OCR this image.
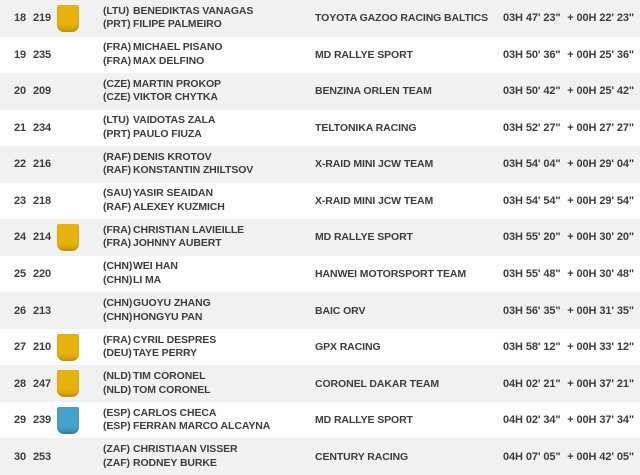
18 219
(LTU) BENEDIKTAS VANAGAS
(PRT) FILIPE PALMEIRO	TOYOTA GAZOO RACING BALTICS	03H 47' 23" + 00H 22' 23"
19 235
(FRA) MICHAEL PISANO
(FRA) MAX DELFINO	MD RALLYE SPORT	03H 50' 36" + 00H 25' 36"
20 209
(CZE) MARTIN PROKOP
(CZE) VIKTOR CHYTKA	BENZINA ORLEN TEAM	03H 50' 42" + 00H 25' 42"
21 234
(LTU) VAIDOTAS ZALA
(PRT) PAULO FIUZA	TELTONIKA RACING	03H 52' 27" + 00H 27' 27"
22 216
(RAF) DENIS KROTOV
(RAF) KONSTANTIN ZHILTSOV	X-RAID MINI JCW TEAM	03H 54' 04" + 00H 29' 04"
23 218
(SAU)YASIR SEAIDAN
(RAF) ALEXEY KUZMICH	X-RAID MINI JCW TEAM	03H 54' 54" + 00H 29' 54"
24 214
(FRA) CHRISTIAN LAVIEILLE
(FRA) JOHNNY AUBERT	MD RALLYE SPORT	03H 55' 20" + 00H 30' 20"
25 220
(CHN)WEI HAN
(CHN)LI MA	HANWEI MOTORSPORT TEAM	03H 55' 48" + 00H 30' 48"
26 213
(CHN)GUOYU ZHANG
(CHN)HONGYU PAN	BAIC ORV	03H 56' 35" + 00H 31' 35"
27 210
(FRA) CYRIL DESPRES
(DEU)TAYE PERRY	GPX RACING	03H 58' 12" + 00H 33' 12"
28 247
(NLD) TIM CORONEL
(NLD) TOM CORONEL	CORONEL DAKAR TEAM	04H 02' 21" + 00H 37' 21"
29 239
(ESP) CARLOS CHECA
(ESP) FERRAN MARCO ALCAYNA	MD RALLYE SPORT	04H 02' 34" + 00H 37' 34"
30 253
(ZAF) CHRISTIAAN VISSER
(ZAF) RODNEY BURKE	CENTURY RACING	04H 07' 05" + 00H 42' 05"
